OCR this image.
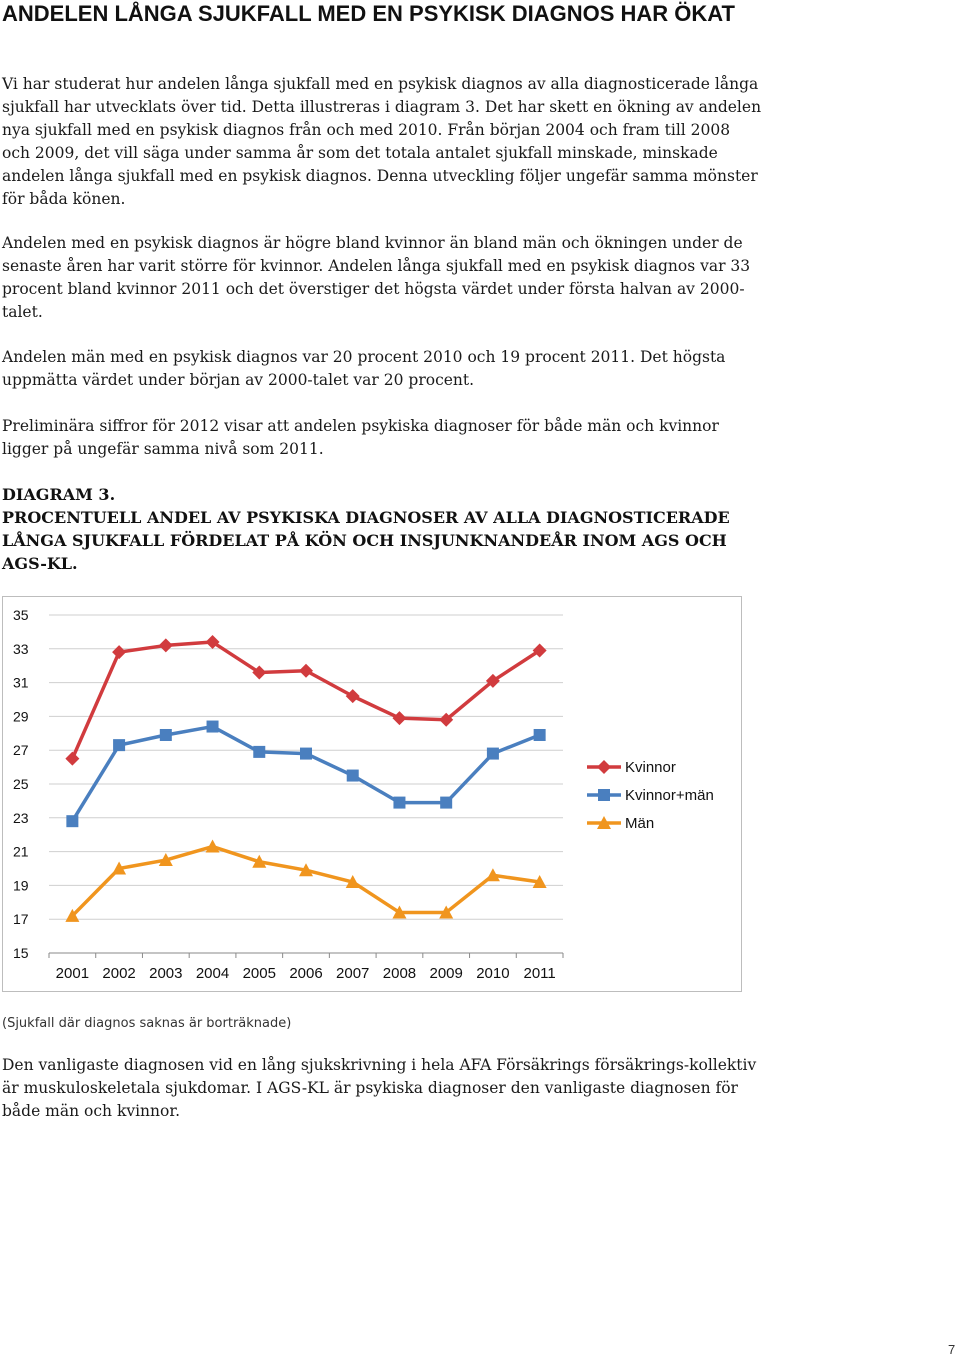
ANDELEN LÅNGA SJUKFALL MED EN PSYKISK DIAGNOS HAR ÖKAT

Vi har studerat hur andelen långa sjukfall med en psykisk diagnos av alla diagnosticerade långa sjukfall har utvecklats över tid. Detta illustreras i diagram 3. Det har skett en ökning av andelen nya sjukfall med en psykisk diagnos från och med 2010. Från början 2004 och fram till 2008 och 2009, det vill säga under samma år som det totala antalet sjukfall minskade, minskade andelen långa sjukfall med en psykisk diagnos. Denna utveckling följer ungefär samma mönster för båda könen.

Andelen med en psykisk diagnos är högre bland kvinnor än bland män och ökningen under de senaste åren har varit större för kvinnor. Andelen långa sjukfall med en psykisk diagnos var 33 procent bland kvinnor 2011 och det överstiger det högsta värdet under första halvan av 2000-talet.

Andelen män med en psykisk diagnos var 20 procent 2010 och 19 procent 2011. Det högsta uppmätta värdet under början av 2000-talet var 20 procent.

Preliminära siffror för 2012 visar att andelen psykiska diagnoser för både män och kvinnor ligger på ungefär samma nivå som 2011.

DIAGRAM 3.
PROCENTUELL ANDEL AV PSYKISKA DIAGNOSER AV ALLA DIAGNOSTICERADE LÅNGA SJUKFALL FÖRDELAT PÅ KÖN OCH INSJUNKNANDEÅR INOM AGS OCH AGS-KL.
15
17
19
21
23
25
27
29
31
33
35
2001 2002 2003 2004 2005 2006 2007 2008 2009 2010 2011
Kvinnor
Kvinnor+män
Män

(Sjukfall där diagnos saknas är borträknade)

Den vanligaste diagnosen vid en lång sjukskrivning i hela AFA Försäkrings försäkrings-kollektiv är muskuloskeletala sjukdomar. I AGS-KL är psykiska diagnoser den vanligaste diagnosen för både män och kvinnor.

7
